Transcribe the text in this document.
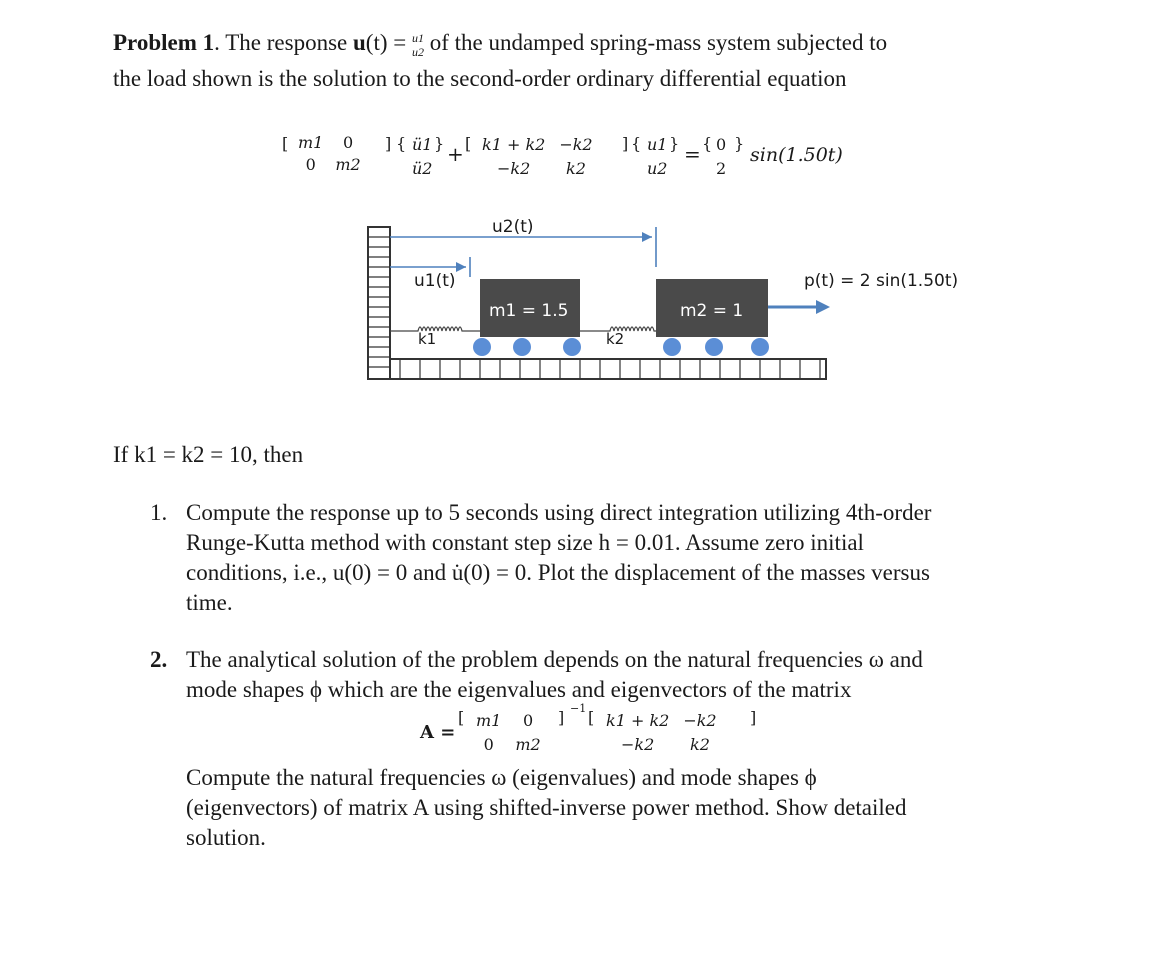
Problem 1. The response u(t) = u1
u2 of the undamped spring-mass system subjected to
the load shown is the solution to the second-order ordinary differential equation
[ m1	0
0	m2
] { ü1
ü2
} + [ k1 + k2	−k2
−k2	k2
] { u1
u2
} = { 0
2
}
sin(1.50t)
u2(t)
u1(t)
m1 = 1.5	m2 = 1
k1	k2
p(t) = 2 sin(1.50t)
If k1 = k2 = 10, then
1. Compute the response up to 5 seconds using direct integration utilizing 4th-order
Runge-Kutta method with constant step size h = 0.01. Assume zero initial
conditions, i.e., u(0) = 0 and u̇(0) = 0. Plot the displacement of the masses versus
time.
2. The analytical solution of the problem depends on the natural frequencies ω and
mode shapes ϕ which are the eigenvalues and eigenvectors of the matrix
A =
[ m1	0
0	m2
] −1 [ k1 + k2	−k2
−k2	k2
]
Compute the natural frequencies ω (eigenvalues) and mode shapes ϕ
(eigenvectors) of matrix A using shifted-inverse power method. Show detailed
solution.
